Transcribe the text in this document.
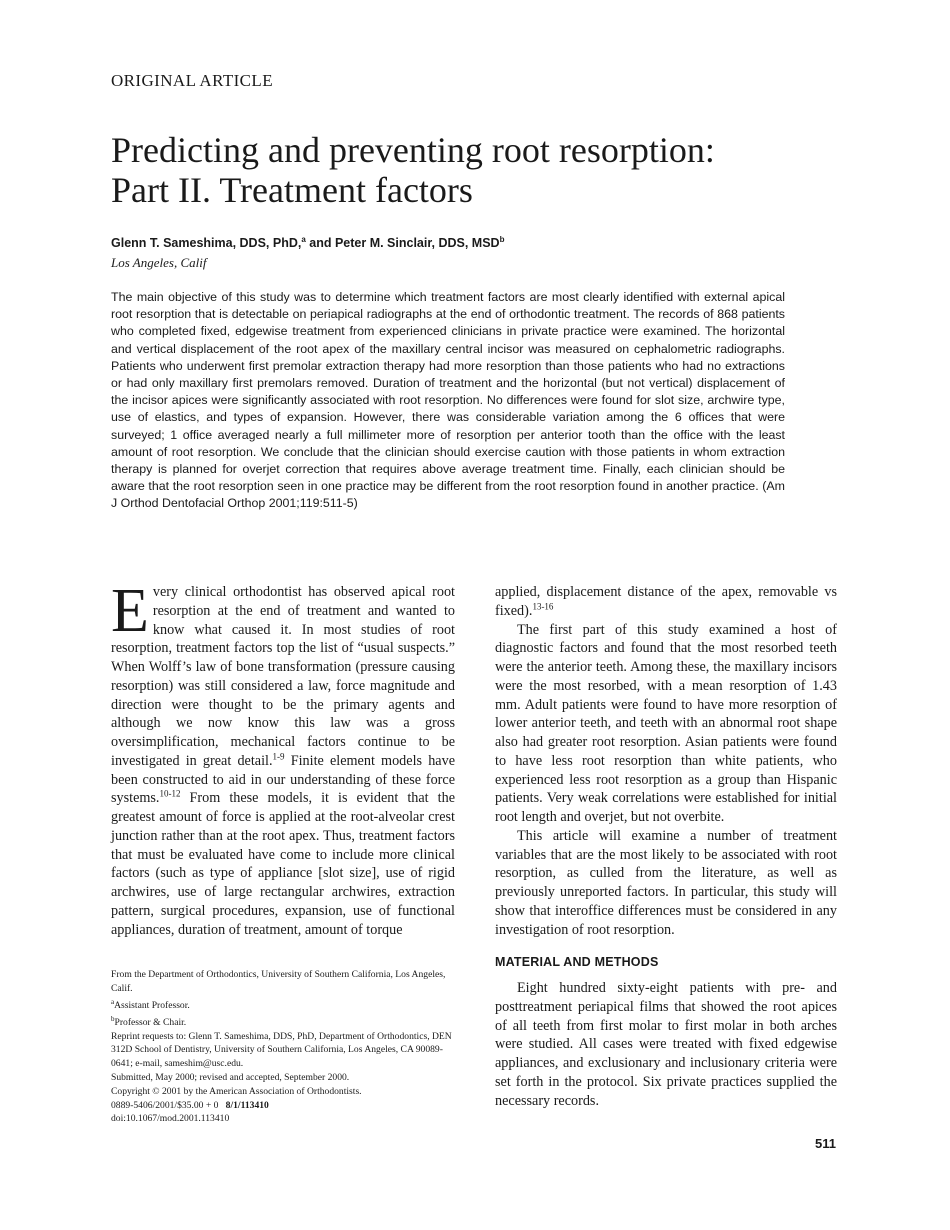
ORIGINAL ARTICLE
Predicting and preventing root resorption:
Part II. Treatment factors
Glenn T. Sameshima, DDS, PhD,$^a$ and Peter M. Sinclair, DDS, MSD$^b$
Los Angeles, Calif

The main objective of this study was to determine which treatment factors are most clearly identified with external apical root resorption that is detectable on periapical radiographs at the end of orthodontic treatment. The records of 868 patients who completed fixed, edgewise treatment from experienced clinicians in private practice were examined. The horizontal and vertical displacement of the root apex of the maxillary central incisor was measured on cephalometric radiographs. Patients who underwent first premolar extraction therapy had more resorption than those patients who had no extractions or had only maxillary first premolars removed. Duration of treatment and the horizontal (but not vertical) displacement of the incisor apices were significantly associated with root resorption. No differences were found for slot size, archwire type, use of elastics, and types of expansion. However, there was considerable variation among the 6 offices that were surveyed; 1 office averaged nearly a full millimeter more of resorption per anterior tooth than the office with the least amount of root resorption. We conclude that the clinician should exercise caution with those patients in whom extraction therapy is planned for overjet correction that requires above average treatment time. Finally, each clinician should be aware that the root resorption seen in one practice may be different from the root resorption found in another practice. (Am J Orthod Dentofacial Orthop 2001;119:511-5)

Every clinical orthodontist has observed apical root resorption at the end of treatment and wanted to know what caused it. In most studies of root resorption, treatment factors top the list of “usual suspects.” When Wolff’s law of bone transformation (pressure causing resorption) was still considered a law, force magnitude and direction were thought to be the primary agents and although we now know this law was a gross oversimplification, mechanical factors continue to be investigated in great detail.$^{1-9}$ Finite element models have been constructed to aid in our understanding of these force systems.$^{10-12}$ From these models, it is evident that the greatest amount of force is applied at the root-alveolar crest junction rather than at the root apex. Thus, treatment factors that must be evaluated have come to include more clinical factors (such as type of appliance [slot size], use of rigid archwires, use of large rectangular archwires, extraction pattern, surgical procedures, expansion, use of functional appliances, duration of treatment, amount of torque

applied, displacement distance of the apex, removable vs fixed).$^{13-16}$

The first part of this study examined a host of diagnostic factors and found that the most resorbed teeth were the anterior teeth. Among these, the maxillary incisors were the most resorbed, with a mean resorption of 1.43 mm. Adult patients were found to have more resorption of lower anterior teeth, and teeth with an abnormal root shape also had greater root resorption. Asian patients were found to have less root resorption than white patients, who experienced less root resorption as a group than Hispanic patients. Very weak correlations were established for initial root length and overjet, but not overbite.

This article will examine a number of treatment variables that are the most likely to be associated with root resorption, as culled from the literature, as well as previously unreported factors. In particular, this study will show that interoffice differences must be considered in any investigation of root resorption.

MATERIAL AND METHODS

Eight hundred sixty-eight patients with pre- and posttreatment periapical films that showed the root apices of all teeth from first molar to first molar in both arches were studied. All cases were treated with fixed edgewise appliances, and exclusionary and inclusionary criteria were set forth in the protocol. Six private practices supplied the necessary records.

From the Department of Orthodontics, University of Southern California, Los Angeles, Calif.
$^a$Assistant Professor.
$^b$Professor & Chair.
Reprint requests to: Glenn T. Sameshima, DDS, PhD, Department of Orthodontics, DEN 312D School of Dentistry, University of Southern California, Los Angeles, CA 90089-0641; e-mail, sameshim@usc.edu.
Submitted, May 2000; revised and accepted, September 2000.
Copyright © 2001 by the American Association of Orthodontists.
0889-5406/2001/$35.00 + 0   8/1/113410
doi:10.1067/mod.2001.113410
511
